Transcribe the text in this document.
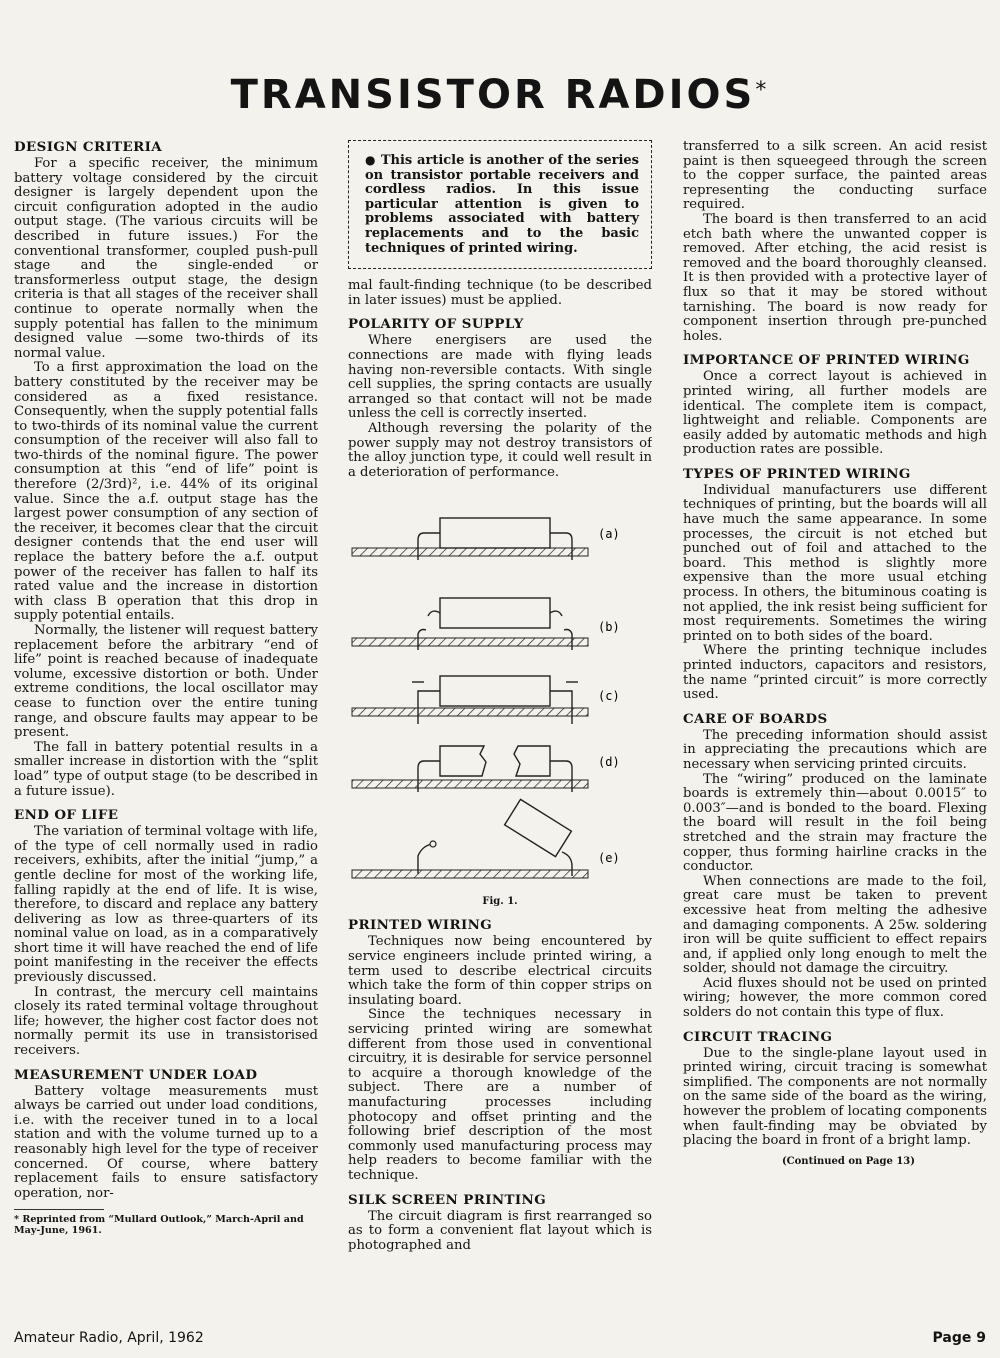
TRANSISTOR RADIOS*
DESIGN CRITERIA

For a specific receiver, the minimum battery voltage considered by the circuit designer is largely dependent upon the circuit configuration adopted in the audio output stage. (The various circuits will be described in future issues.) For the conventional transformer, coupled push-pull stage and the single-ended or transformerless output stage, the design criteria is that all stages of the receiver shall continue to operate normally when the supply potential has fallen to the minimum designed value —some two-thirds of its normal value.

To a first approximation the load on the battery constituted by the receiver may be considered as a fixed resistance. Consequently, when the supply potential falls to two-thirds of its nominal value the current consumption of the receiver will also fall to two-thirds of the nominal figure. The power consumption at this “end of life” point is therefore (2/3rd)², i.e. 44% of its original value. Since the a.f. output stage has the largest power consumption of any section of the receiver, it becomes clear that the circuit designer contends that the end user will replace the battery before the a.f. output power of the receiver has fallen to half its rated value and the increase in distortion with class B operation that this drop in supply potential entails.

Normally, the listener will request battery replacement before the arbitrary “end of life” point is reached because of inadequate volume, excessive distortion or both. Under extreme conditions, the local oscillator may cease to function over the entire tuning range, and obscure faults may appear to be present.

The fall in battery potential results in a smaller increase in distortion with the “split load” type of output stage (to be described in a future issue).

END OF LIFE

The variation of terminal voltage with life, of the type of cell normally used in radio receivers, exhibits, after the initial “jump,” a gentle decline for most of the working life, falling rapidly at the end of life. It is wise, therefore, to discard and replace any battery delivering as low as three-quarters of its nominal value on load, as in a comparatively short time it will have reached the end of life point manifesting in the receiver the effects previously discussed.

In contrast, the mercury cell maintains closely its rated terminal voltage throughout life; however, the higher cost factor does not normally permit its use in transistorised receivers.

MEASUREMENT UNDER LOAD

Battery voltage measurements must always be carried out under load conditions, i.e. with the receiver tuned in to a local station and with the volume turned up to a reasonably high level for the type of receiver concerned. Of course, where battery replacement fails to ensure satisfactory operation, nor-

* Reprinted from “Mullard Outlook,” March-April and May-June, 1961.
● This article is another of the series on transistor portable receivers and cordless radios. In this issue particular attention is given to problems associated with battery replacements and to the basic techniques of printed wiring.

mal fault-finding technique (to be described in later issues) must be applied.

POLARITY OF SUPPLY

Where energisers are used the connections are made with flying leads having non-reversible contacts. With single cell supplies, the spring contacts are usually arranged so that contact will not be made unless the cell is correctly inserted.

Although reversing the polarity of the power supply may not destroy transistors of the alloy junction type, it could well result in a deterioration of performance.

(a)
(b)
(c)
(d)
(e)
Fig. 1.
PRINTED WIRING

Techniques now being encountered by service engineers include printed wiring, a term used to describe electrical circuits which take the form of thin copper strips on insulating board.

Since the techniques necessary in servicing printed wiring are somewhat different from those used in conventional circuitry, it is desirable for service personnel to acquire a thorough knowledge of the subject. There are a number of manufacturing processes including photocopy and offset printing and the following brief description of the most commonly used manufacturing process may help readers to become familiar with the technique.

SILK SCREEN PRINTING

The circuit diagram is first rearranged so as to form a convenient flat layout which is photographed and

transferred to a silk screen. An acid resist paint is then squeegeed through the screen to the copper surface, the painted areas representing the conducting surface required.

The board is then transferred to an acid etch bath where the unwanted copper is removed. After etching, the acid resist is removed and the board thoroughly cleansed. It is then provided with a protective layer of flux so that it may be stored without tarnishing. The board is now ready for component insertion through pre-punched holes.

IMPORTANCE OF PRINTED WIRING

Once a correct layout is achieved in printed wiring, all further models are identical. The complete item is compact, lightweight and reliable. Components are easily added by automatic methods and high production rates are possible.

TYPES OF PRINTED WIRING

Individual manufacturers use different techniques of printing, but the boards will all have much the same appearance. In some processes, the circuit is not etched but punched out of foil and attached to the board. This method is slightly more expensive than the more usual etching process. In others, the bituminous coating is not applied, the ink resist being sufficient for most requirements. Sometimes the wiring printed on to both sides of the board.

Where the printing technique includes printed inductors, capacitors and resistors, the name “printed circuit” is more correctly used.

CARE OF BOARDS

The preceding information should assist in appreciating the precautions which are necessary when servicing printed circuits.

The “wiring” produced on the laminate boards is extremely thin—about 0.0015″ to 0.003″—and is bonded to the board. Flexing the board will result in the foil being stretched and the strain may fracture the copper, thus forming hairline cracks in the conductor.

When connections are made to the foil, great care must be taken to prevent excessive heat from melting the adhesive and damaging components. A 25w. soldering iron will be quite sufficient to effect repairs and, if applied only long enough to melt the solder, should not damage the circuitry.

Acid fluxes should not be used on printed wiring; however, the more common cored solders do not contain this type of flux.

CIRCUIT TRACING

Due to the single-plane layout used in printed wiring, circuit tracing is somewhat simplified. The components are not normally on the same side of the board as the wiring, however the problem of locating components when fault-finding may be obviated by placing the board in front of a bright lamp.

(Continued on Page 13)
Amateur Radio, April, 1962	Page 9
